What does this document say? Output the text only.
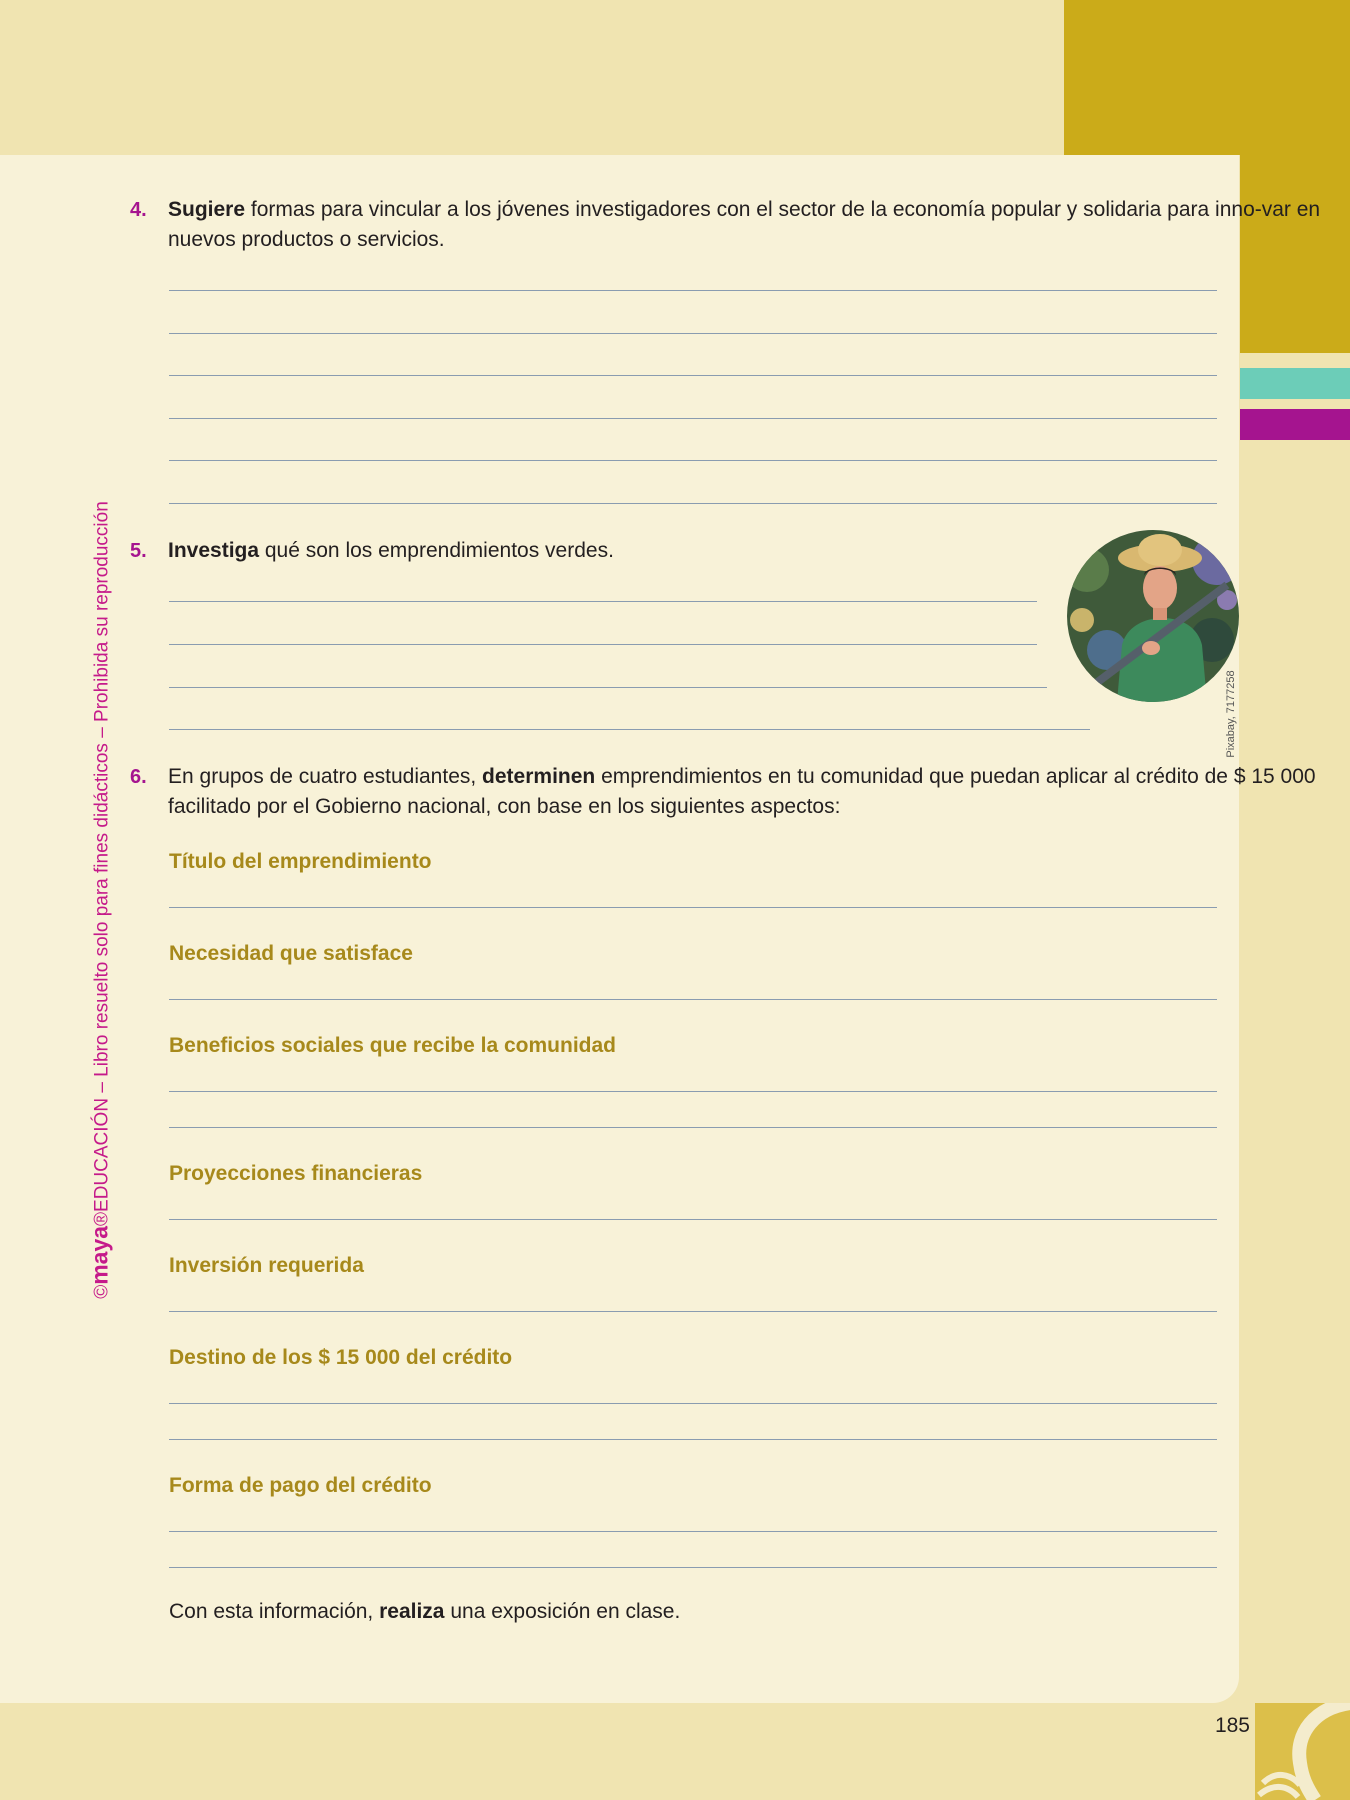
©maya®EDUCACIÓN – Libro resuelto solo para fines didácticos – Prohibida su reproducción
4. Sugiere formas para vincular a los jóvenes investigadores con el sector de la economía popular y solidaria para inno-var en nuevos productos o servicios.
5. Investiga qué son los emprendimientos verdes.
Pixabay, 7177258
6. En grupos de cuatro estudiantes, determinen emprendimientos en tu comunidad que puedan aplicar al crédito de $ 15 000 facilitado por el Gobierno nacional, con base en los siguientes aspectos:
Título del emprendimiento
Necesidad que satisface
Beneficios sociales que recibe la comunidad
Proyecciones financieras
Inversión requerida
Destino de los $ 15 000 del crédito
Forma de pago del crédito
Con esta información, realiza una exposición en clase.
185
